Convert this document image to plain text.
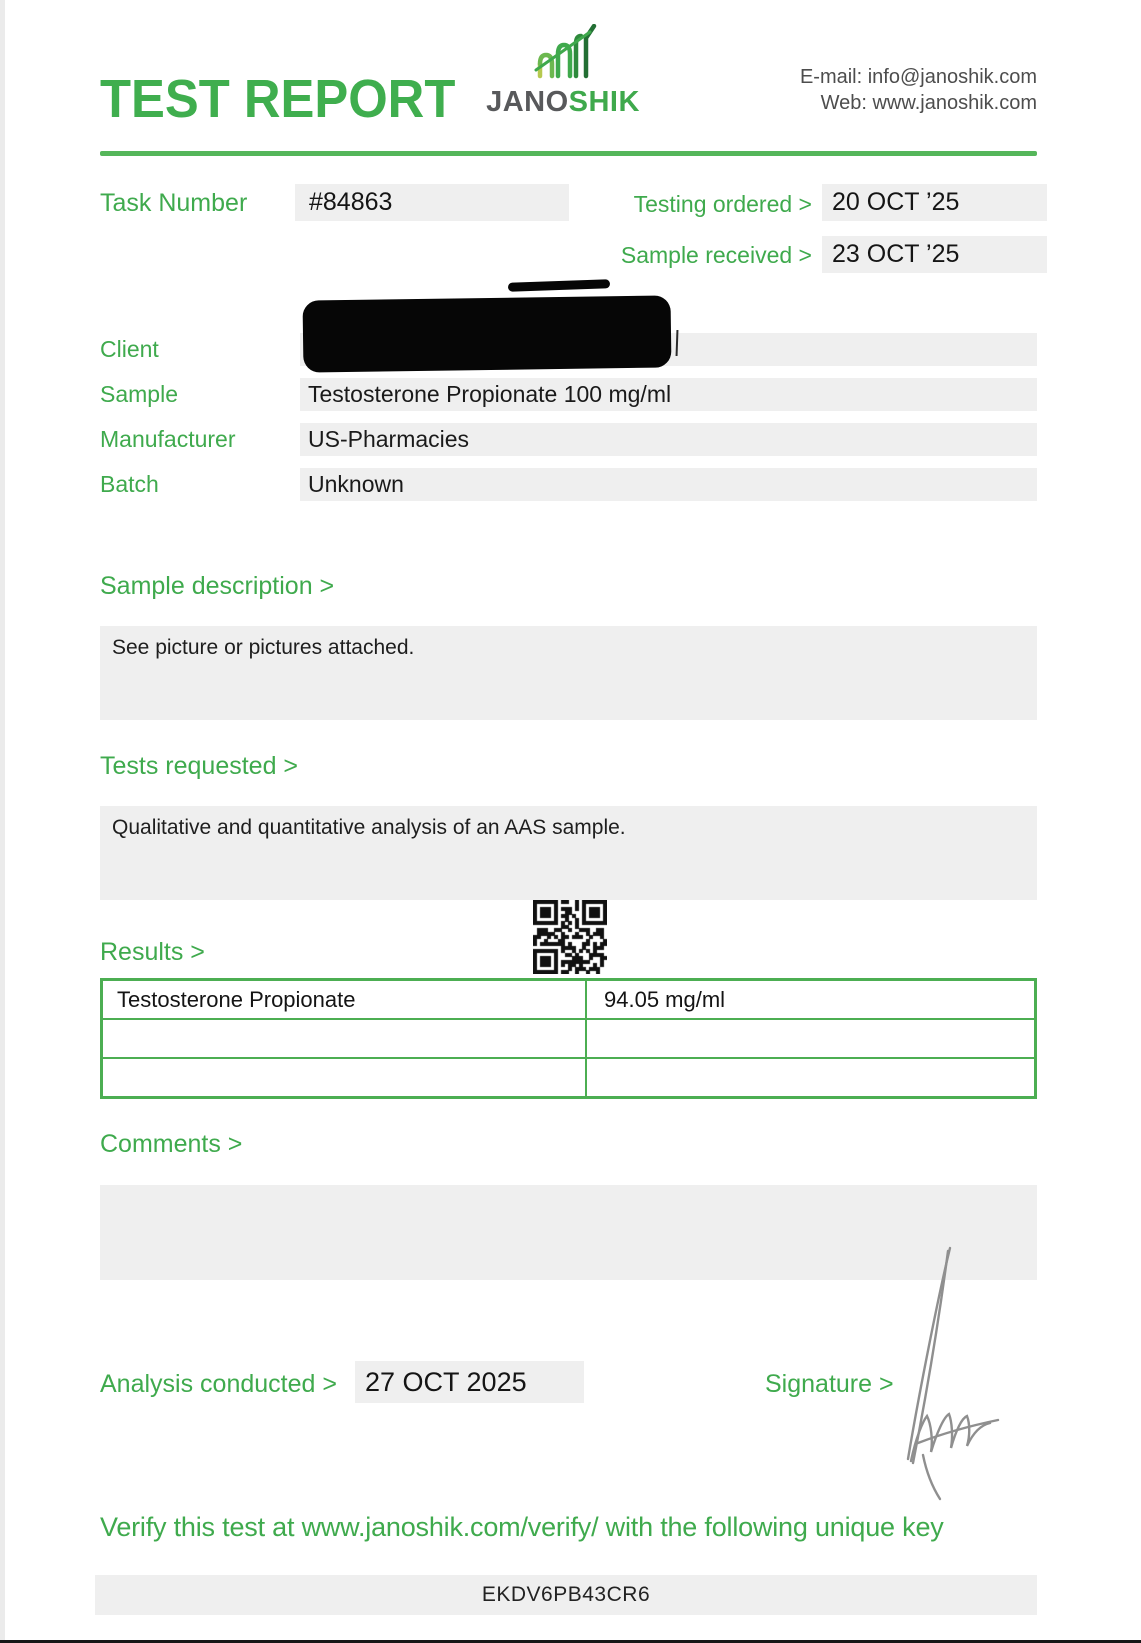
TEST REPORT	JANOSHIK
E-mail: info@janoshik.com
Web: www.janoshik.com
Task Number	#84863	Testing ordered > 20 OCT ’25
Sample received > 23 OCT ’25
Client
Sample	Testosterone Propionate 100 mg/ml
Manufacturer	US-Pharmacies
Batch	Unknown
Sample description >
See picture or pictures attached.
Tests requested >
Qualitative and quantitative analysis of an AAS sample.
Results >
Testosterone Propionate	94.05 mg/ml

Comments >
Analysis conducted >	27 OCT 2025	Signature >
Verify this test at www.janoshik.com/verify/ with the following unique key
EKDV6PB43CR6
